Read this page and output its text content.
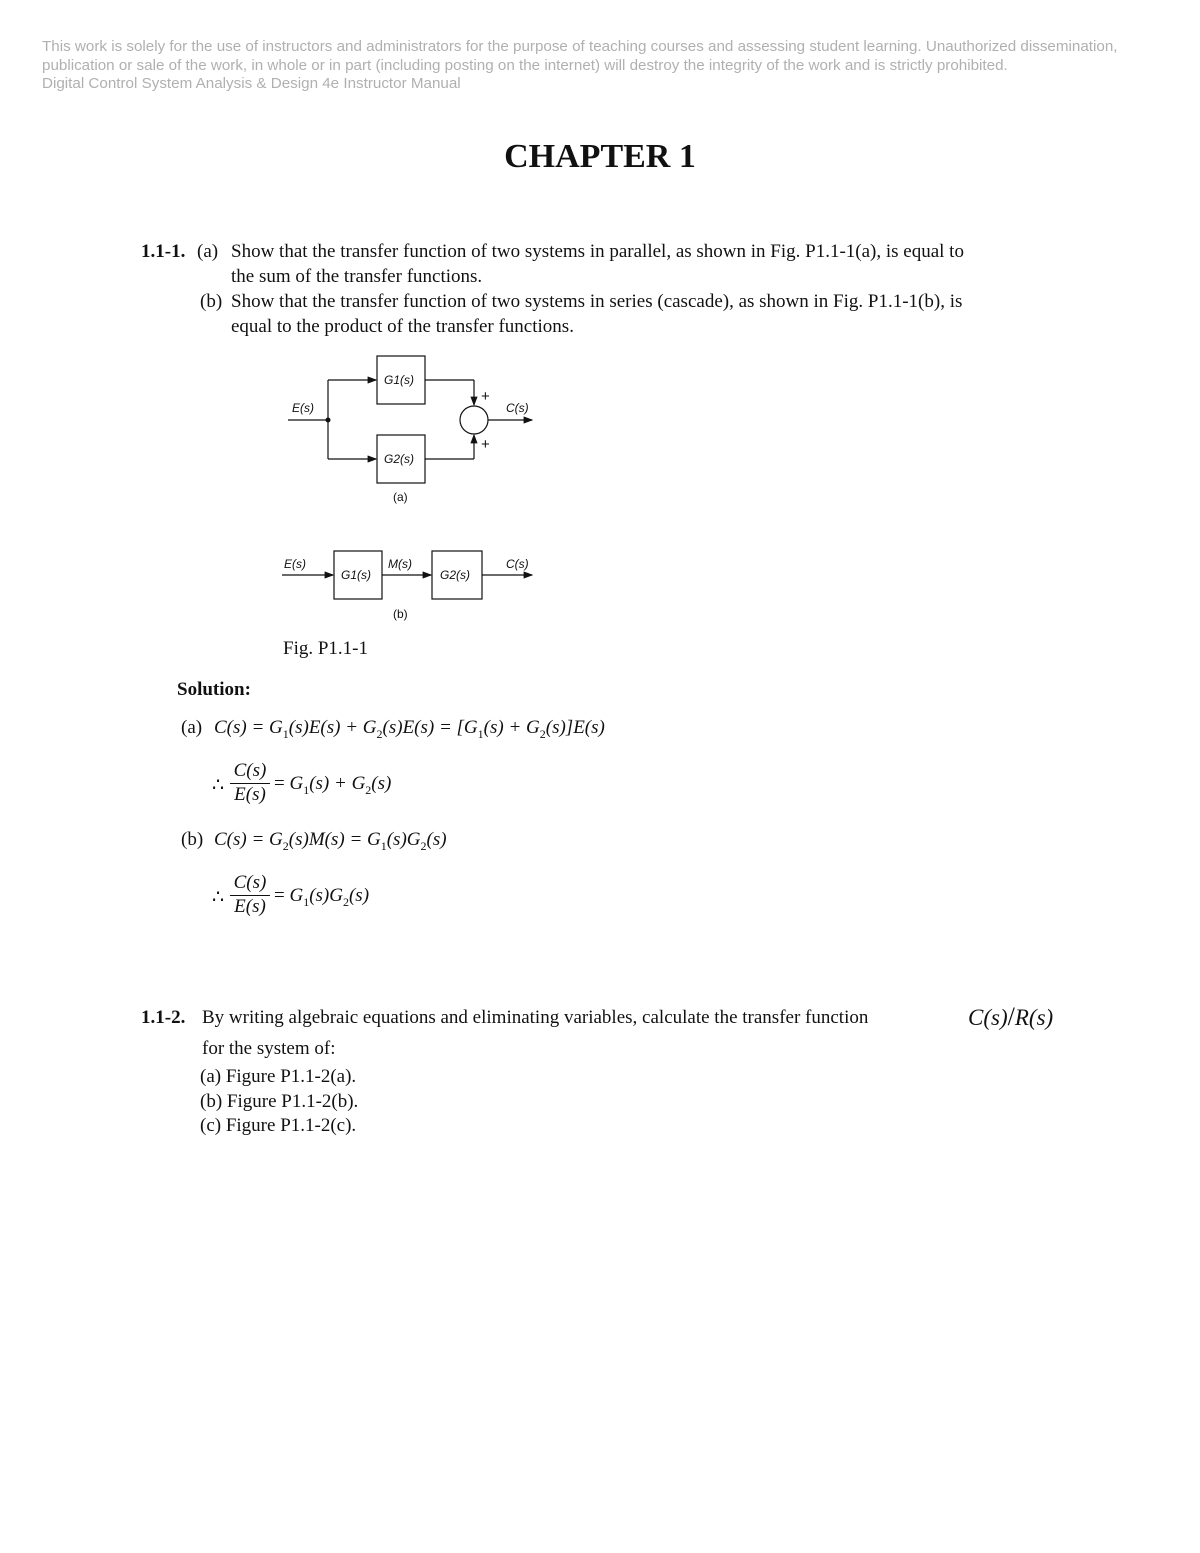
This work is solely for the use of instructors and administrators for the purpose of teaching courses and assessing student learning. Unauthorized dissemination,
publication or sale of the work, in whole or in part (including posting on the internet) will destroy the integrity of the work and is strictly prohibited.
Digital Control System Analysis & Design 4e Instructor Manual
CHAPTER 1
1.1-1. (a) Show that the transfer function of two systems in parallel, as shown in Fig. P1.1-1(a), is equal to
the sum of the transfer functions.
(b) Show that the transfer function of two systems in series (cascade), as shown in Fig. P1.1-1(b), is
equal to the product of the transfer functions.
G1(s)
G2(s)
E(s)	C(s)
+
+
(a)
E(s)	M(s)	C(s)
G1(s)	G2(s)
(b)
Fig. P1.1-1
Solution:
(a) $C(s) = G_1(s)E(s) + G_2(s)E(s) = [G_1(s) + G_2(s)]E(s)$
∴
C(s)
E(s)
= $G_1(s) + G_2(s)$
(b) $C(s) = G_2(s)M(s) = G_1(s)G_2(s)$
∴
C(s)
E(s)
= $G_1(s)G_2(s)$
1.1-2. By writing algebraic equations and eliminating variables, calculate the transfer function	C(s)/R(s)
for the system of:
(a) Figure P1.1-2(a).
(b) Figure P1.1-2(b).
(c) Figure P1.1-2(c).
